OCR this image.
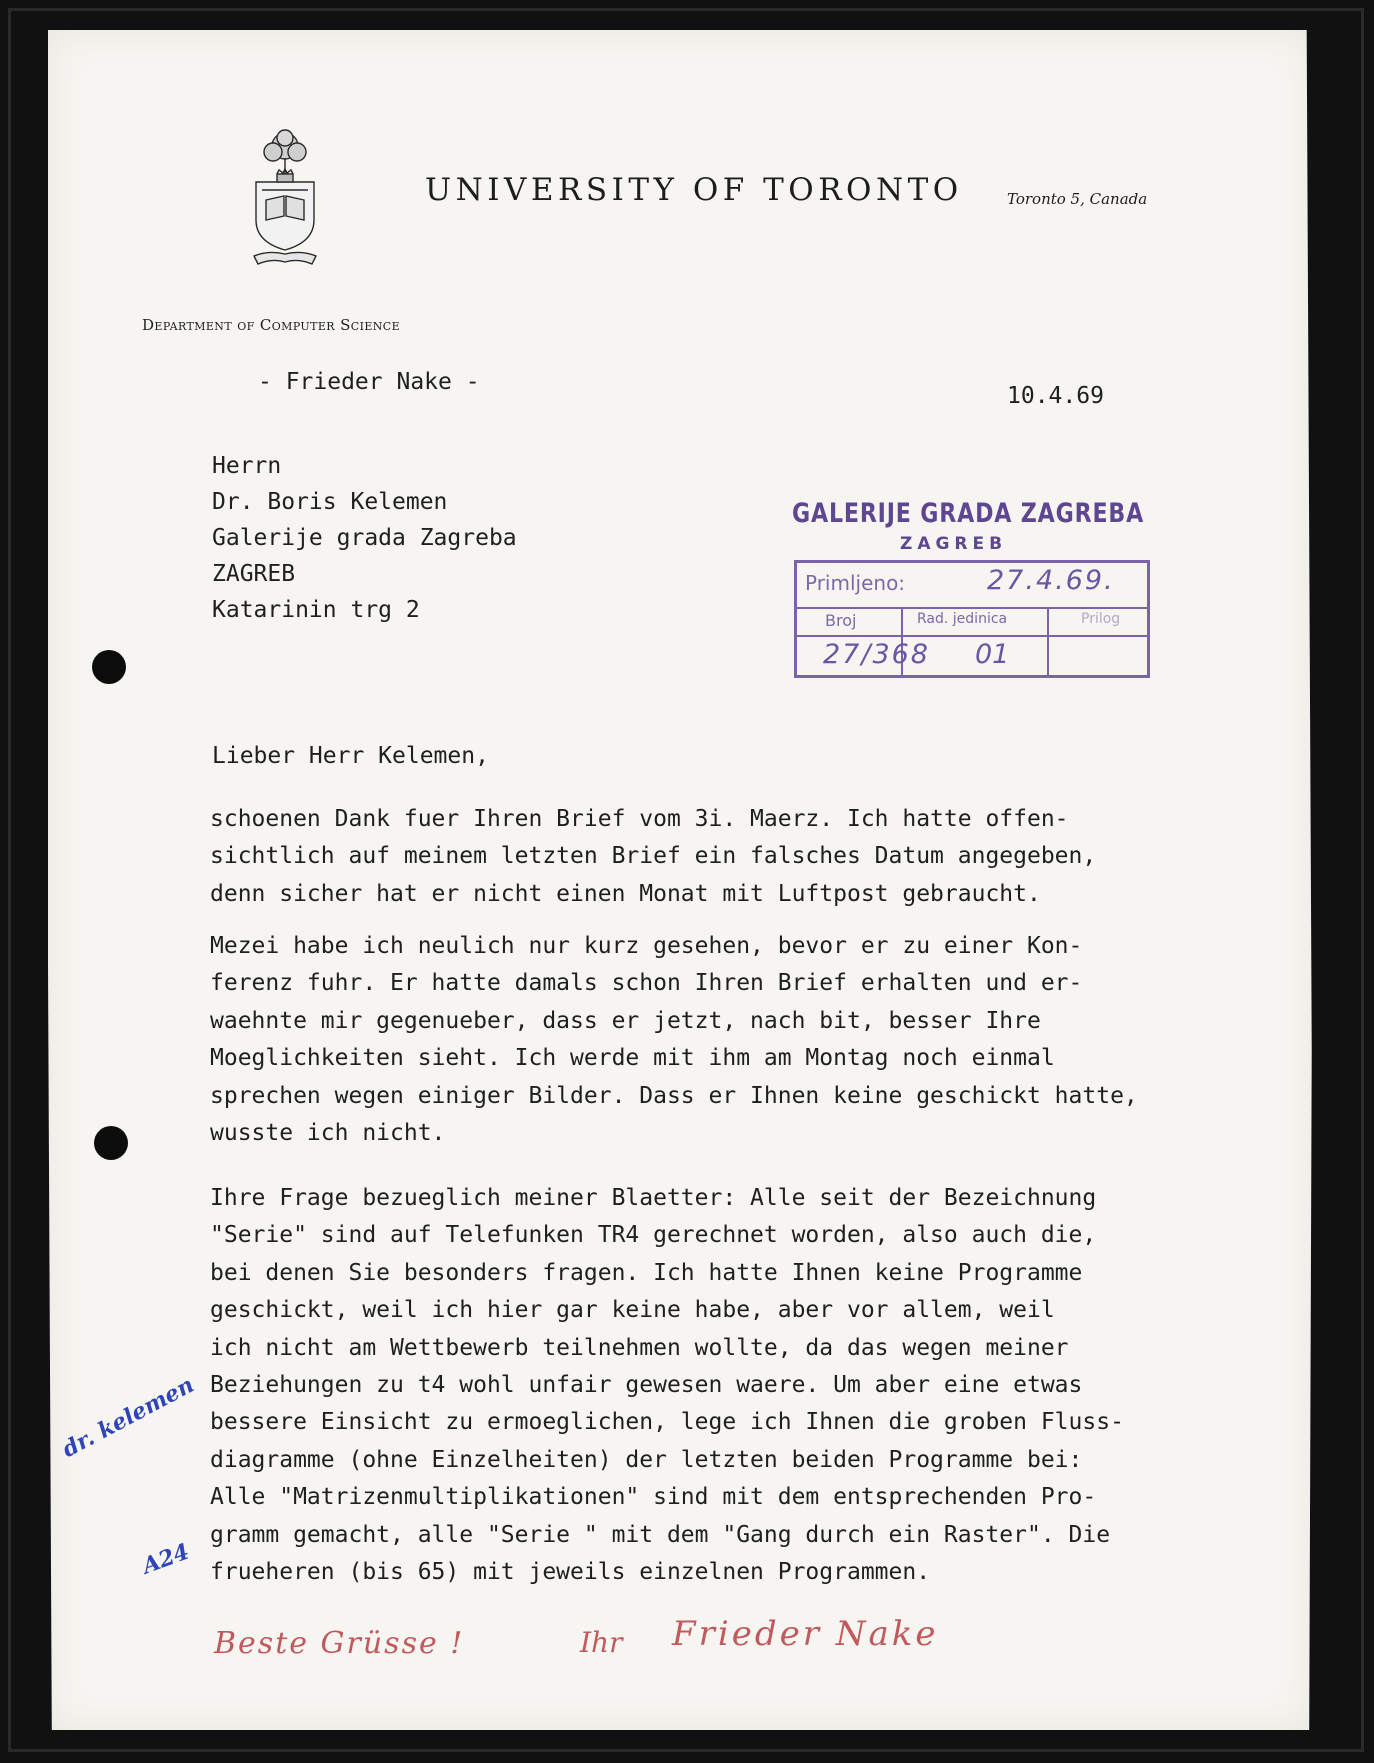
UNIVERSITY OF TORONTO	Toronto 5, Canada
Department of Computer Science
- Frieder Nake -
10.4.69
Herrn
Dr. Boris Kelemen
Galerije grada Zagreba
ZAGREB
Katarinin trg 2
GALERIJE GRADA ZAGREBA
ZAGREB
Primljeno:	27.4.69.
Broj	Rad. jedinica	Prilog
27/368 01
Lieber Herr Kelemen,
schoenen Dank fuer Ihren Brief vom 3i. Maerz. Ich hatte offen-
sichtlich auf meinem letzten Brief ein falsches Datum angegeben,
denn sicher hat er nicht einen Monat mit Luftpost gebraucht.
Mezei habe ich neulich nur kurz gesehen, bevor er zu einer Kon-
ferenz fuhr. Er hatte damals schon Ihren Brief erhalten und er-
waehnte mir gegenueber, dass er jetzt, nach bit, besser Ihre
Moeglichkeiten sieht. Ich werde mit ihm am Montag noch einmal
sprechen wegen einiger Bilder. Dass er Ihnen keine geschickt hatte,
wusste ich nicht.
Ihre Frage bezueglich meiner Blaetter: Alle seit der Bezeichnung
"Serie" sind auf Telefunken TR4 gerechnet worden, also auch die,
bei denen Sie besonders fragen. Ich hatte Ihnen keine Programme
geschickt, weil ich hier gar keine habe, aber vor allem, weil
ich nicht am Wettbewerb teilnehmen wollte, da das wegen meiner
Beziehungen zu t4 wohl unfair gewesen waere. Um aber eine etwas
bessere Einsicht zu ermoeglichen, lege ich Ihnen die groben Fluss-
diagramme (ohne Einzelheiten) der letzten beiden Programme bei:
Alle "Matrizenmultiplikationen" sind mit dem entsprechenden Pro-
gramm gemacht, alle "Serie " mit dem "Gang durch ein Raster". Die
frueheren (bis 65) mit jeweils einzelnen Programmen.
dr. kelemen
A24
Beste Grüsse !	Ihr Frieder Nake
